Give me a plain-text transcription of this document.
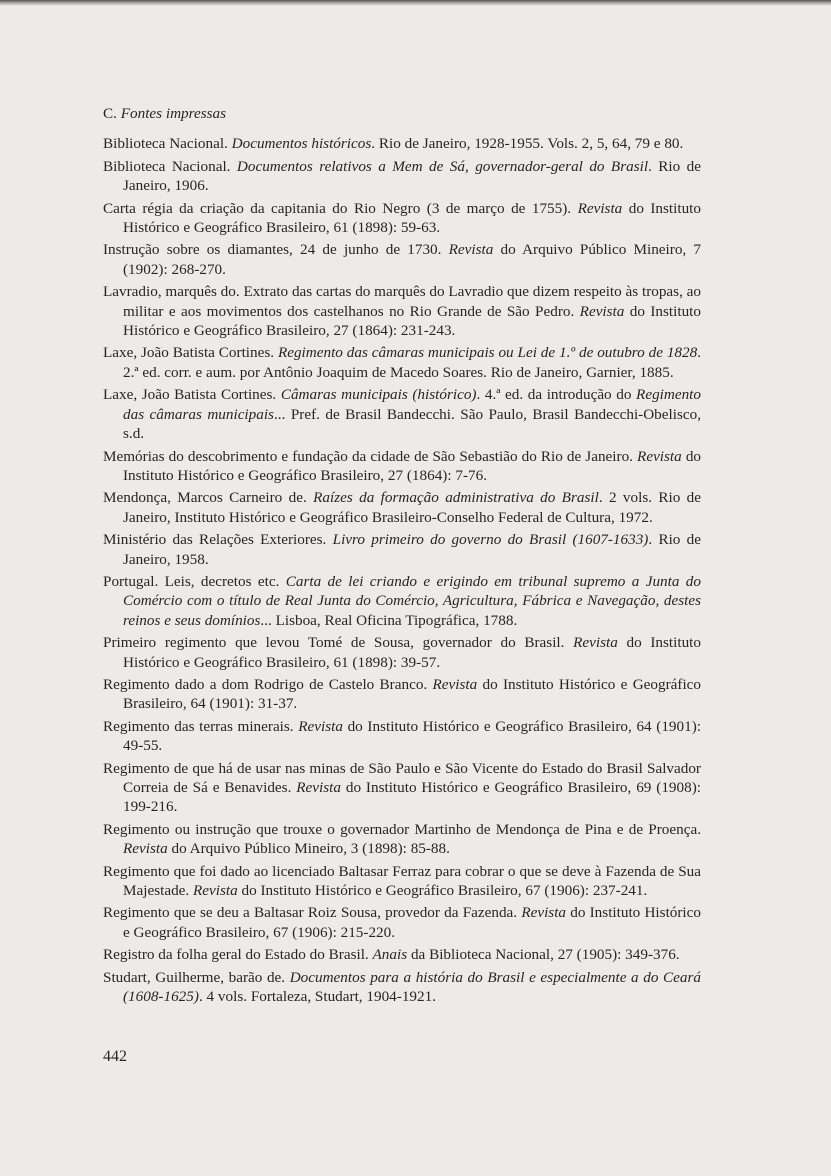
C. Fontes impressas

Biblioteca Nacional. Documentos históricos. Rio de Janeiro, 1928-1955. Vols. 2, 5, 64, 79 e 80.

Biblioteca Nacional. Documentos relativos a Mem de Sá, governador-geral do Brasil. Rio de Janeiro, 1906.

Carta régia da criação da capitania do Rio Negro (3 de março de 1755). Revista do Instituto Histórico e Geográfico Brasileiro, 61 (1898): 59-63.

Instrução sobre os diamantes, 24 de junho de 1730. Revista do Arquivo Público Mineiro, 7 (1902): 268-270.

Lavradio, marquês do. Extrato das cartas do marquês do Lavradio que dizem respeito às tropas, ao militar e aos movimentos dos castelhanos no Rio Grande de São Pedro. Revista do Instituto Histórico e Geográfico Brasileiro, 27 (1864): 231-243.

Laxe, João Batista Cortines. Regimento das câmaras municipais ou Lei de 1.º de outubro de 1828. 2.ª ed. corr. e aum. por Antônio Joaquim de Macedo Soares. Rio de Janeiro, Garnier, 1885.

Laxe, João Batista Cortines. Câmaras municipais (histórico). 4.ª ed. da introdução do Regimento das câmaras municipais... Pref. de Brasil Bandecchi. São Paulo, Brasil Bandecchi-Obelisco, s.d.

Memórias do descobrimento e fundação da cidade de São Sebastião do Rio de Janeiro. Revista do Instituto Histórico e Geográfico Brasileiro, 27 (1864): 7-76.

Mendonça, Marcos Carneiro de. Raízes da formação administrativa do Brasil. 2 vols. Rio de Janeiro, Instituto Histórico e Geográfico Brasileiro-Conselho Federal de Cultura, 1972.

Ministério das Relações Exteriores. Livro primeiro do governo do Brasil (1607-1633). Rio de Janeiro, 1958.

Portugal. Leis, decretos etc. Carta de lei criando e erigindo em tribunal supremo a Junta do Comércio com o título de Real Junta do Comércio, Agricultura, Fábrica e Navegação, destes reinos e seus domínios... Lisboa, Real Oficina Tipográfica, 1788.

Primeiro regimento que levou Tomé de Sousa, governador do Brasil. Revista do Instituto Histórico e Geográfico Brasileiro, 61 (1898): 39-57.

Regimento dado a dom Rodrigo de Castelo Branco. Revista do Instituto Histórico e Geográfico Brasileiro, 64 (1901): 31-37.

Regimento das terras minerais. Revista do Instituto Histórico e Geográfico Brasileiro, 64 (1901): 49-55.

Regimento de que há de usar nas minas de São Paulo e São Vicente do Estado do Brasil Salvador Correia de Sá e Benavides. Revista do Instituto Histórico e Geográfico Brasileiro, 69 (1908): 199-216.

Regimento ou instrução que trouxe o governador Martinho de Mendonça de Pina e de Proença. Revista do Arquivo Público Mineiro, 3 (1898): 85-88.

Regimento que foi dado ao licenciado Baltasar Ferraz para cobrar o que se deve à Fazenda de Sua Majestade. Revista do Instituto Histórico e Geográfico Brasileiro, 67 (1906): 237-241.

Regimento que se deu a Baltasar Roiz Sousa, provedor da Fazenda. Revista do Instituto Histórico e Geográfico Brasileiro, 67 (1906): 215-220.

Registro da folha geral do Estado do Brasil. Anais da Biblioteca Nacional, 27 (1905): 349-376.

Studart, Guilherme, barão de. Documentos para a história do Brasil e especialmente a do Ceará (1608-1625). 4 vols. Fortaleza, Studart, 1904-1921.

442
